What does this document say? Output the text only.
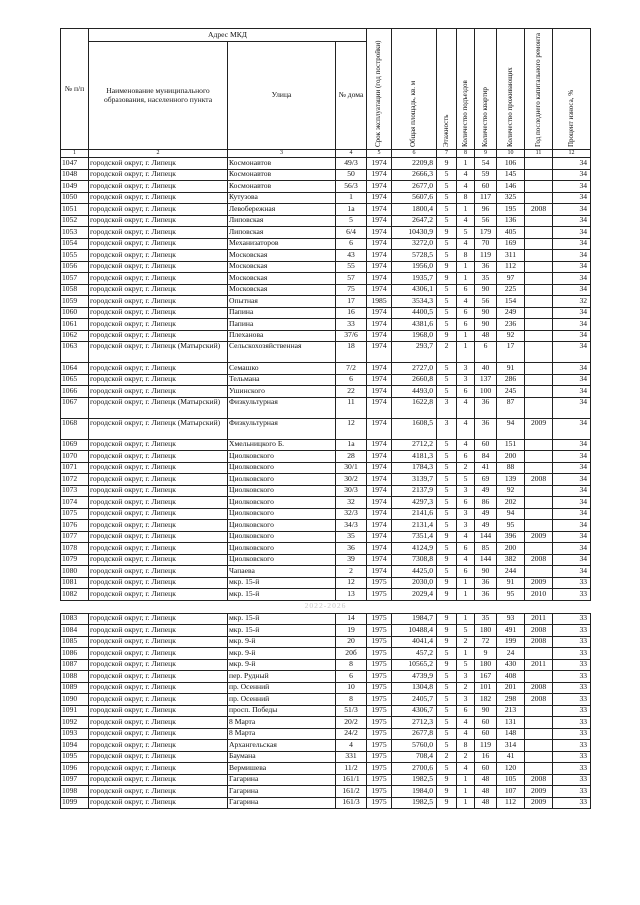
№ п/п	Адрес МКД			Срок эксплуатации (год постройки)	Общая площадь, кв. м	Этажность	Количество подъездов	Количество квартир	Количество проживающих	Год последнего капитального ремонта	Процент износа, %

	Наименование муниципального образования, населенного пункта	Улица	№ дома								
1	2	3	4	5	6	7	8	9	10	11	12
1047	городской округ, г. Липецк	Космонавтов	49/3	1974	2209,8	9	1	54	106		34
1048	городской округ, г. Липецк	Космонавтов	50	1974	2666,3	5	4	59	145		34
1049	городской округ, г. Липецк	Космонавтов	56/3	1974	2677,0	5	4	60	146		34
1050	городской округ, г. Липецк	Кутузова	1	1974	5607,6	5	8	117	325		34
1051	городской округ, г. Липецк	Левобережная	1а	1974	1800,4	5	1	96	195	2008	34
1052	городской округ, г. Липецк	Липовская	5	1974	2647,2	5	4	56	136		34
1053	городской округ, г. Липецк	Липовская	6/4	1974	10430,9	9	5	179	405		34
1054	городской округ, г. Липецк	Механизаторов	6	1974	3272,0	5	4	70	169		34
1055	городской округ, г. Липецк	Московская	43	1974	5728,5	5	8	119	311		34
1056	городской округ, г. Липецк	Московская	55	1974	1956,0	9	1	36	112		34
1057	городской округ, г. Липецк	Московская	57	1974	1935,7	9	1	35	97		34
1058	городской округ, г. Липецк	Московская	75	1974	4306,1	5	6	90	225		34
1059	городской округ, г. Липецк	Опытная	17	1985	3534,3	5	4	56	154		32
1060	городской округ, г. Липецк	Папина	16	1974	4400,5	5	6	90	249		34
1061	городской округ, г. Липецк	Папина	33	1974	4381,6	5	6	90	236		34
1062	городской округ, г. Липецк	Плеханова	37/6	1974	1968,0	9	1	48	92		34
1063	городской округ, г. Липецк (Матырский)	Сельскохозяйственная	18	1974	293,7	2	1	6	17		34
1064	городской округ, г. Липецк	Семашко	7/2	1974	2727,0	5	3	40	91		34
1065	городской округ, г. Липецк	Тельмана	6	1974	2660,8	5	3	137	286		34
1066	городской округ, г. Липецк	Ушинского	22	1974	4493,0	5	6	100	245		34
1067	городской округ, г. Липецк (Матырский)	Физкультурная	11	1974	1622,8	3	4	36	87		34
1068	городской округ, г. Липецк (Матырский)	Физкультурная	12	1974	1608,5	3	4	36	94	2009	34
1069	городской округ, г. Липецк	Хмельницкого Б.	1а	1974	2712,2	5	4	60	151		34
1070	городской округ, г. Липецк	Циолковского	28	1974	4181,3	5	6	84	200		34
1071	городской округ, г. Липецк	Циолковского	30/1	1974	1784,3	5	2	41	88		34
1072	городской округ, г. Липецк	Циолковского	30/2	1974	3139,7	5	5	69	139	2008	34
1073	городской округ, г. Липецк	Циолковского	30/3	1974	2137,9	5	3	49	92		34
1074	городской округ, г. Липецк	Циолковского	32	1974	4297,3	5	6	86	202		34
1075	городской округ, г. Липецк	Циолковского	32/3	1974	2141,6	5	3	49	94		34
1076	городской округ, г. Липецк	Циолковского	34/3	1974	2131,4	5	3	49	95		34
1077	городской округ, г. Липецк	Циолковского	35	1974	7351,4	9	4	144	396	2009	34
1078	городской округ, г. Липецк	Циолковского	36	1974	4124,9	5	6	85	200		34
1079	городской округ, г. Липецк	Циолковского	39	1974	7308,8	9	4	144	382	2008	34
1080	городской округ, г. Липецк	Чапаева	2	1974	4425,0	5	6	90	244		34
1081	городской округ, г. Липецк	мкр. 15-й	12	1975	2030,0	9	1	36	91	2009	33
1082	городской округ, г. Липецк	мкр. 15-й	13	1975	2029,4	9	1	36	95	2010	33
2022-2026											
1083	городской округ, г. Липецк	мкр. 15-й	14	1975	1984,7	9	1	35	93	2011	33
1084	городской округ, г. Липецк	мкр. 15-й	19	1975	10488,4	9	5	180	491	2008	33
1085	городской округ, г. Липецк	мкр. 9-й	20	1975	4041,4	9	2	72	199	2008	33
1086	городской округ, г. Липецк	мкр. 9-й	20б	1975	457,2	5	1	9	24		33
1087	городской округ, г. Липецк	мкр. 9-й	8	1975	10565,2	9	5	180	430	2011	33
1088	городской округ, г. Липецк	пер. Рудный	6	1975	4739,9	5	3	167	408		33
1089	городской округ, г. Липецк	пр. Осенний	10	1975	1304,8	5	2	101	201	2008	33
1090	городской округ, г. Липецк	пр. Осенний	8	1975	2405,7	5	3	182	298	2008	33
1091	городской округ, г. Липецк	просп. Победы	51/3	1975	4306,7	5	6	90	213		33
1092	городской округ, г. Липецк	8 Марта	20/2	1975	2712,3	5	4	60	131		33
1093	городской округ, г. Липецк	8 Марта	24/2	1975	2677,8	5	4	60	148		33
1094	городской округ, г. Липецк	Архангельская	4	1975	5760,0	5	8	119	314		33
1095	городской округ, г. Липецк	Баумана	331	1975	708,4	2	2	16	41		33
1096	городской округ, г. Липецк	Вермишева	11/2	1975	2700,6	5	4	60	120		33
1097	городской округ, г. Липецк	Гагарина	161/1	1975	1982,5	9	1	48	105	2008	33
1098	городской округ, г. Липецк	Гагарина	161/2	1975	1984,0	9	1	48	107	2009	33
1099	городской округ, г. Липецк	Гагарина	161/3	1975	1982,5	9	1	48	112	2009	33
